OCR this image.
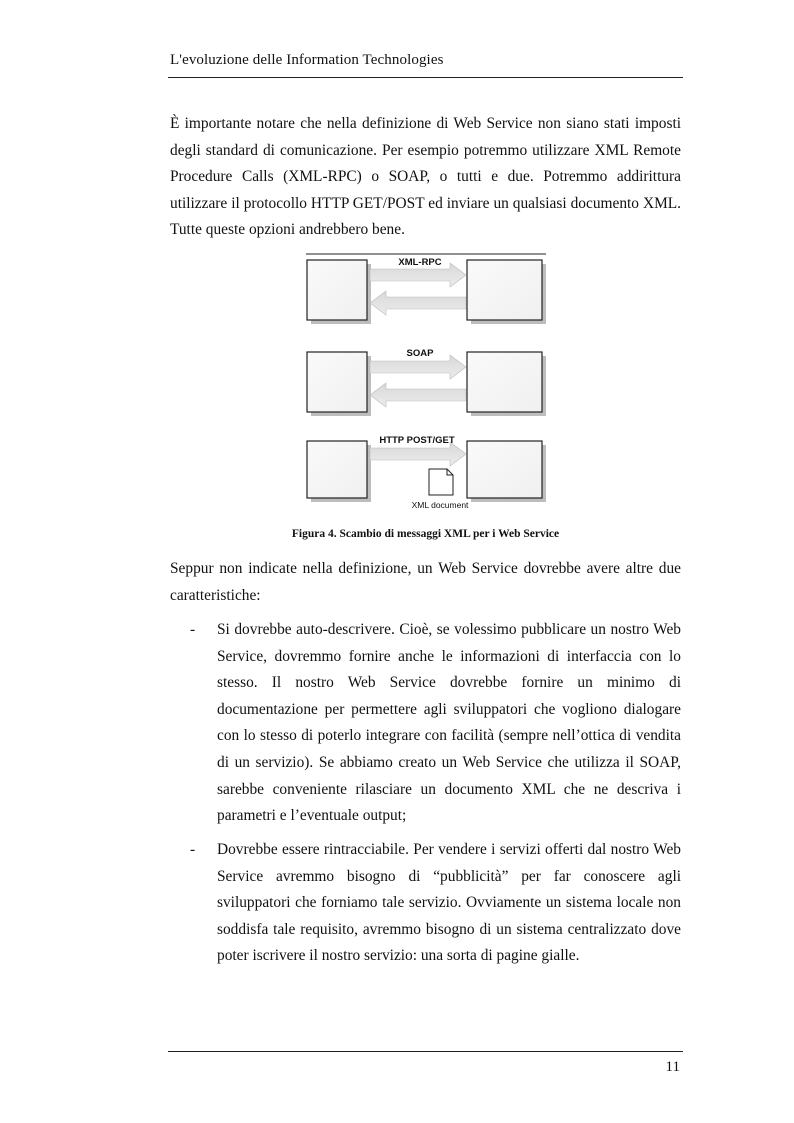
L'evoluzione delle Information Technologies

È importante notare che nella definizione di Web Service non siano stati imposti degli standard di comunicazione. Per esempio potremmo utilizzare XML Remote Procedure Calls (XML-RPC) o SOAP, o tutti e due. Potremmo addirittura utilizzare il protocollo HTTP GET/POST ed inviare un qualsiasi documento XML. Tutte queste opzioni andrebbero bene.

XML-RPC
SOAP
HTTP POST/GET
XML document
Figura 4. Scambio di messaggi XML per i Web Service

Seppur non indicate nella definizione, un Web Service dovrebbe avere altre due caratteristiche:

- Si dovrebbe auto-descrivere. Cioè, se volessimo pubblicare un nostro Web Service, dovremmo fornire anche le informazioni di interfaccia con lo stesso. Il nostro Web Service dovrebbe fornire un minimo di documentazione per permettere agli sviluppatori che vogliono dialogare con lo stesso di poterlo integrare con facilità (sempre nell’ottica di vendita di un servizio). Se abbiamo creato un Web Service che utilizza il SOAP, sarebbe conveniente rilasciare un documento XML che ne descriva i parametri e l’eventuale output;

- Dovrebbe essere rintracciabile. Per vendere i servizi offerti dal nostro Web Service avremmo bisogno di “pubblicità” per far conoscere agli sviluppatori che forniamo tale servizio. Ovviamente un sistema locale non soddisfa tale requisito, avremmo bisogno di un sistema centralizzato dove poter iscrivere il nostro servizio: una sorta di pagine gialle.

11
